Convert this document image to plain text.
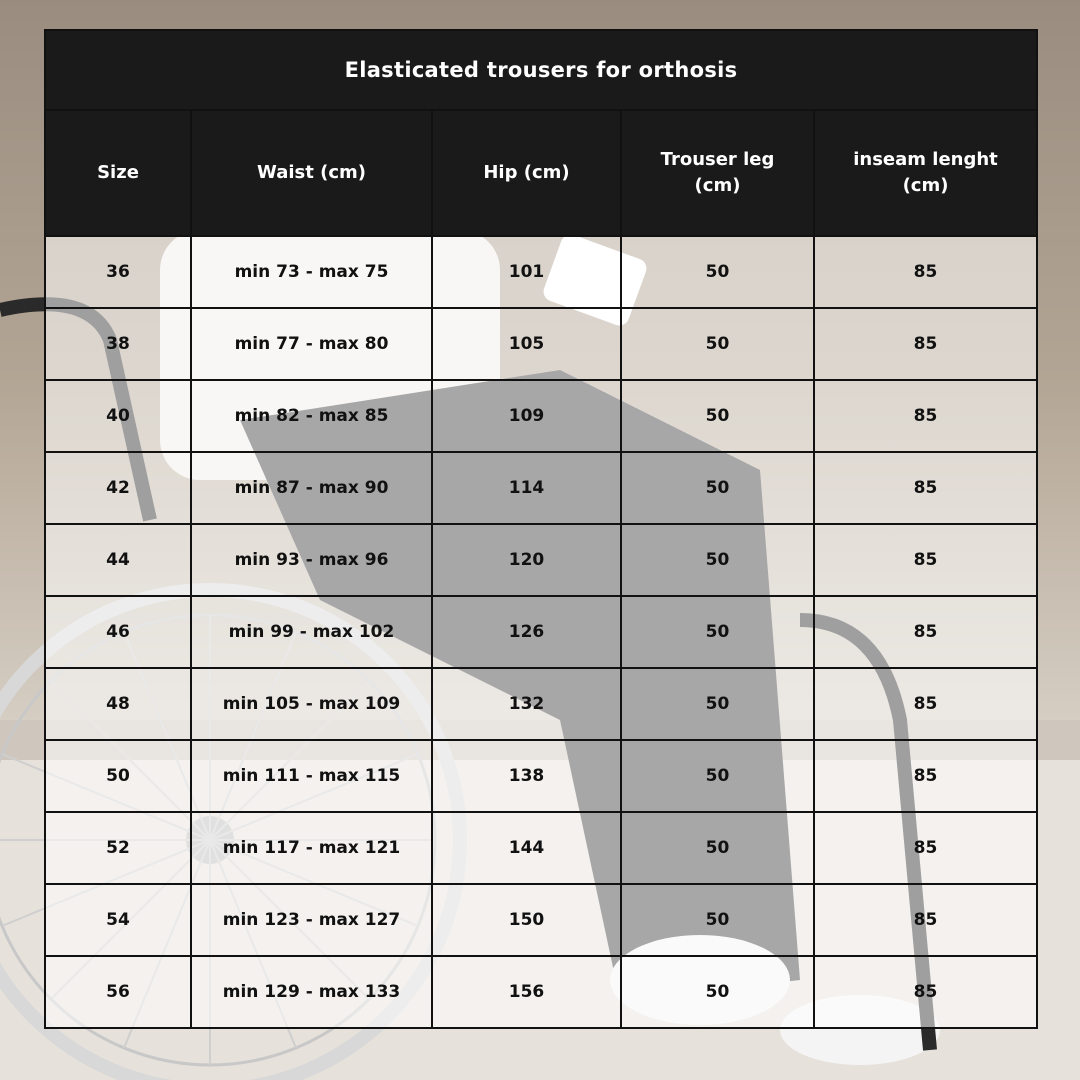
Elasticated trousers for orthosis				
Size	Waist (cm)	Hip (cm)	Trouser leg (cm)	inseam lenght (cm)
36	min 73 - max 75	101	50	85
38	min 77 - max 80	105	50	85
40	min 82 - max 85	109	50	85
42	min 87 - max 90	114	50	85
44	min 93 - max 96	120	50	85
46	min 99 - max 102	126	50	85
48	min 105 - max 109	132	50	85
50	min 111 - max 115	138	50	85
52	min 117 - max 121	144	50	85
54	min 123 - max 127	150	50	85
56	min 129 - max 133	156	50	85
